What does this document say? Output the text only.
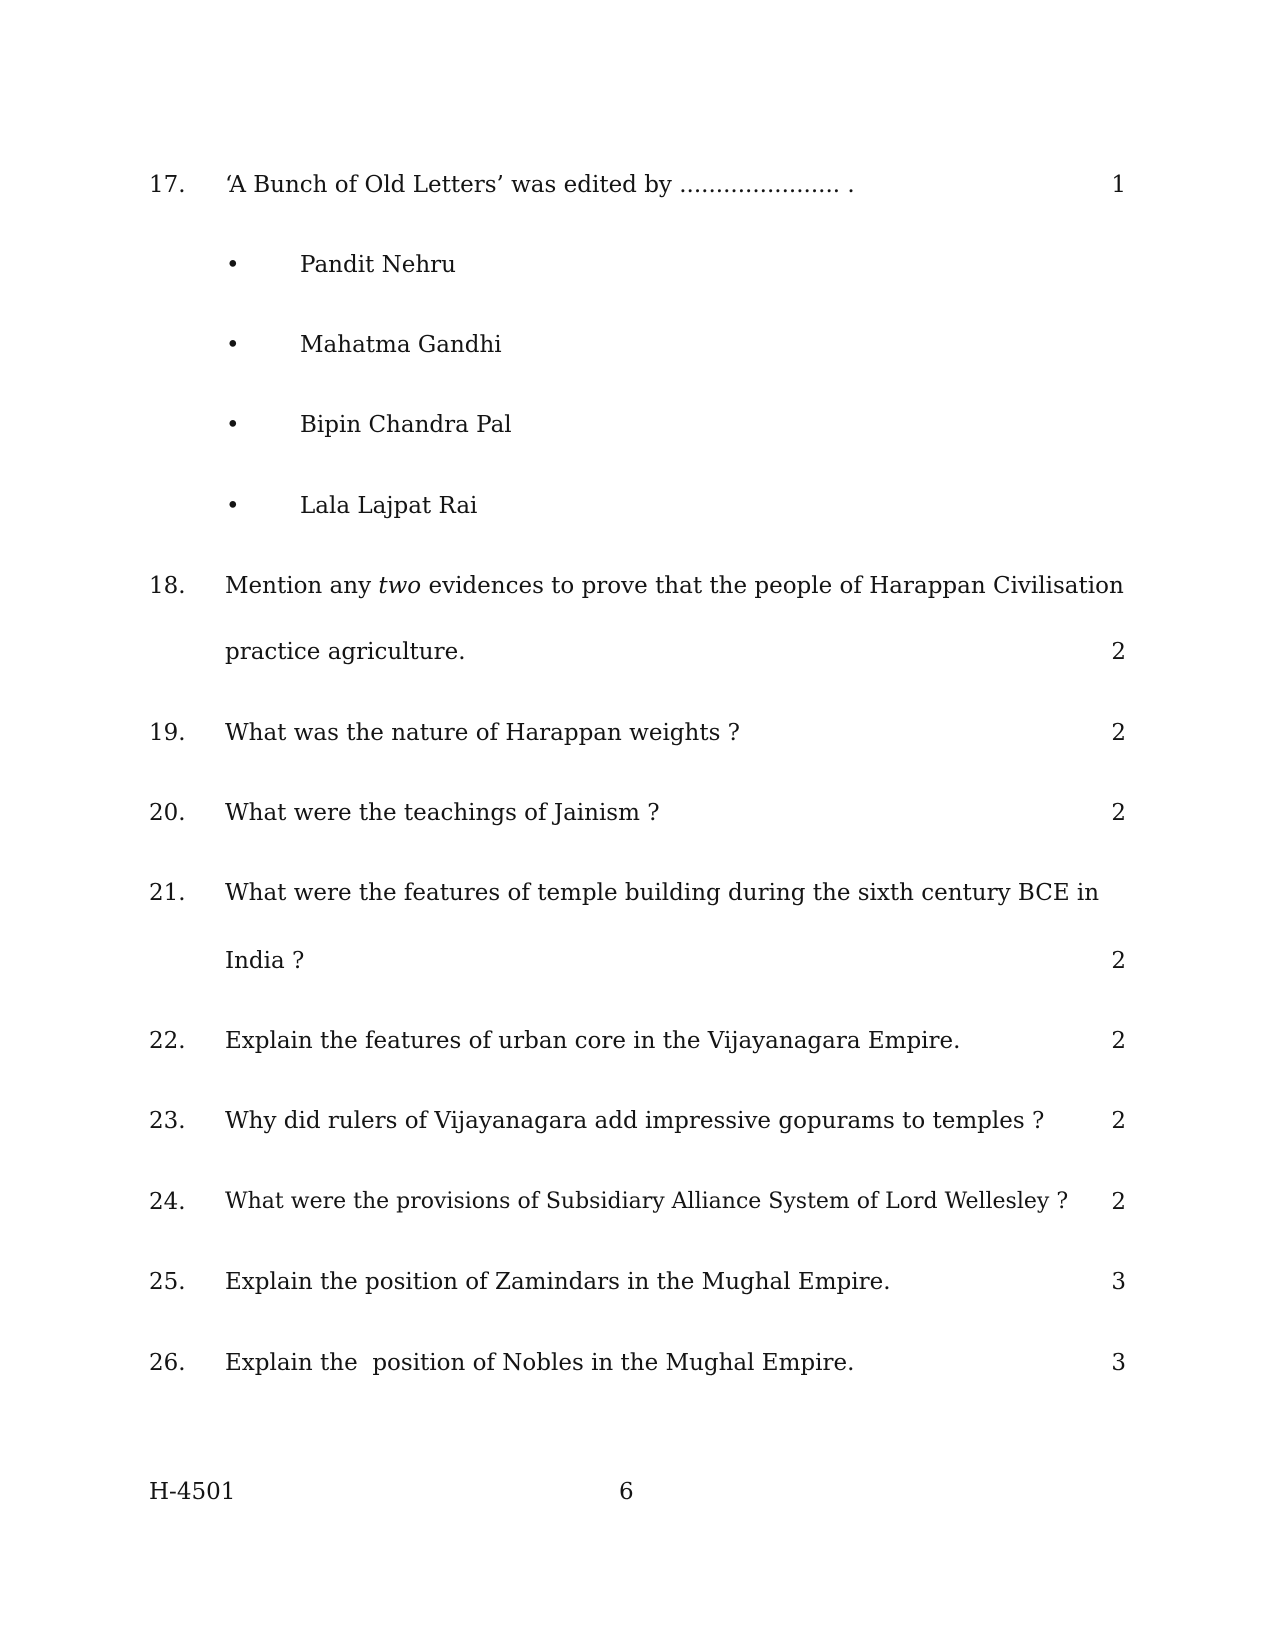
17. ‘A Bunch of Old Letters’ was edited by ...................... .	1
•	Pandit Nehru
•	Mahatma Gandhi
•	Bipin Chandra Pal
•	Lala Lajpat Rai
18. Mention any two evidences to prove that the people of Harappan Civilisation
practice agriculture.	2
19. What was the nature of Harappan weights ?	2
20. What were the teachings of Jainism ?	2
21. What were the features of temple building during the sixth century BCE in
India ?	2
22. Explain the features of urban core in the Vijayanagara Empire.	2
23. Why did rulers of Vijayanagara add impressive gopurams to temples ?	2
24. What were the provisions of Subsidiary Alliance System of Lord Wellesley ? 2
25. Explain the position of Zamindars in the Mughal Empire.	3
26. Explain the  position of Nobles in the Mughal Empire.	3
H-4501	6
